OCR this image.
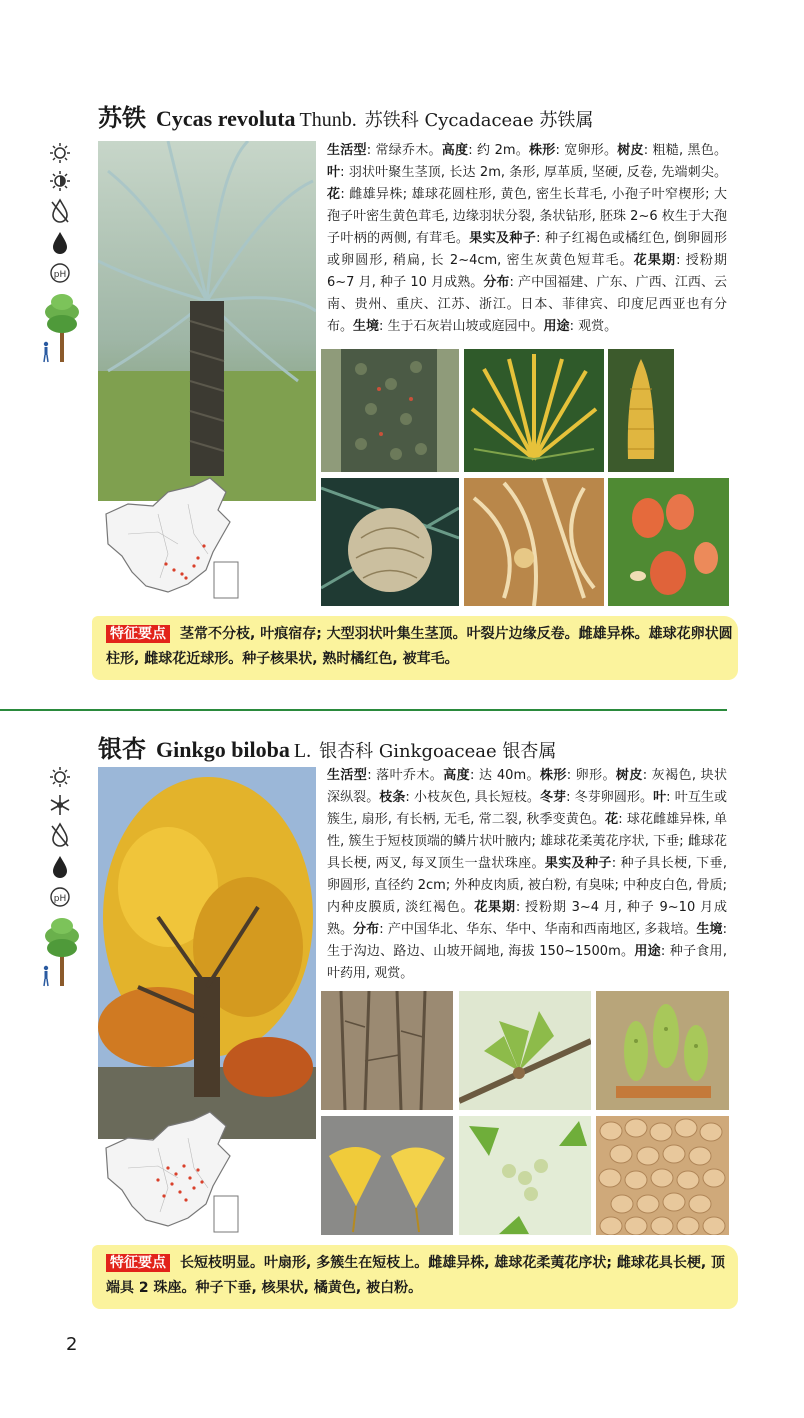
苏铁 Cycas revoluta Thunb. 苏铁科 Cycadaceae 苏铁属
pH
生活型: 常绿乔木。高度: 约 2m。株形: 宽卵形。树皮: 粗糙, 黑色。叶: 羽状叶聚生茎顶, 长达 2m, 条形, 厚革质, 坚硬, 反卷, 先端刺尖。花: 雌雄异株; 雄球花圆柱形, 黄色, 密生长茸毛, 小孢子叶窄楔形; 大孢子叶密生黄色茸毛, 边缘羽状分裂, 条状钻形, 胚珠 2~6 枚生于大孢子叶柄的两侧, 有茸毛。果实及种子: 种子红褐色或橘红色, 倒卵圆形或卵圆形, 稍扁, 长 2~4cm, 密生灰黄色短茸毛。花果期: 授粉期 6~7 月, 种子 10 月成熟。分布: 产中国福建、广东、广西、江西、云南、贵州、重庆、江苏、浙江。日本、菲律宾、印度尼西亚也有分布。生境: 生于石灰岩山坡或庭园中。用途: 观赏。
特征要点 茎常不分枝, 叶痕宿存; 大型羽状叶集生茎顶。叶裂片边缘反卷。雌雄异株。雄球花卵状圆柱形, 雌球花近球形。种子核果状, 熟时橘红色, 被茸毛。
银杏 Ginkgo biloba L. 银杏科 Ginkgoaceae 银杏属
pH
生活型: 落叶乔木。高度: 达 40m。株形: 卵形。树皮: 灰褐色, 块状深纵裂。枝条: 小枝灰色, 具长短枝。冬芽: 冬芽卵圆形。叶: 叶互生或簇生, 扇形, 有长柄, 无毛, 常二裂, 秋季变黄色。花: 球花雌雄异株, 单性, 簇生于短枝顶端的鳞片状叶腋内; 雄球花柔荑花序状, 下垂; 雌球花具长梗, 两叉, 每叉顶生一盘状珠座。果实及种子: 种子具长梗, 下垂, 卵圆形, 直径约 2cm; 外种皮肉质, 被白粉, 有臭味; 中种皮白色, 骨质; 内种皮膜质, 淡红褐色。花果期: 授粉期 3~4 月, 种子 9~10 月成熟。分布: 产中国华北、华东、华中、华南和西南地区, 多栽培。生境: 生于沟边、路边、山坡开阔地, 海拔 150~1500m。用途: 种子食用, 叶药用, 观赏。
特征要点 长短枝明显。叶扇形, 多簇生在短枝上。雌雄异株, 雄球花柔荑花序状; 雌球花具长梗, 顶端具 2 珠座。种子下垂, 核果状, 橘黄色, 被白粉。
2
